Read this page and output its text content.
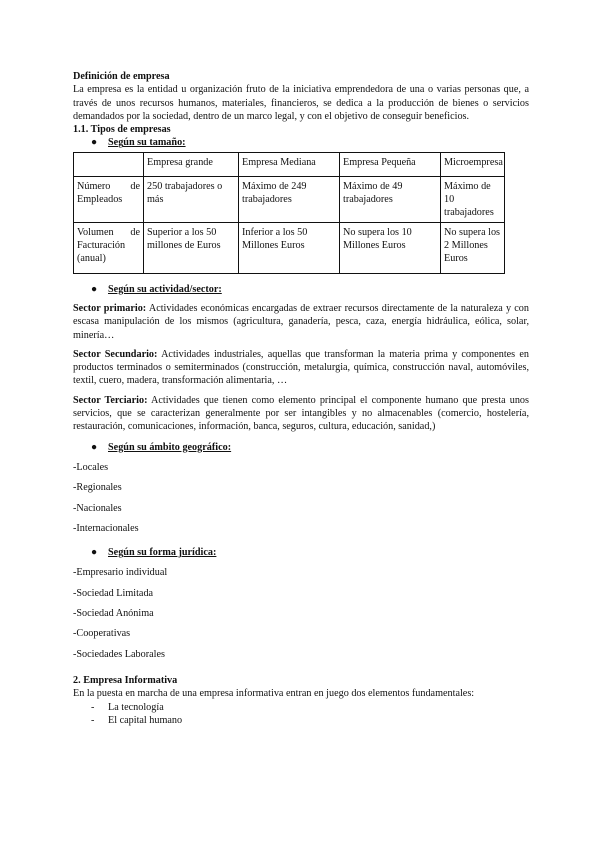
Definición de empresa

La empresa es la entidad u organización fruto de la iniciativa emprendedora de una o varias personas que, a través de unos recursos humanos, materiales, financieros, se dedica a la producción de bienes o servicios demandados por la sociedad, dentro de un marco legal, y con el objetivo de conseguir beneficios.

1.1. Tipos de empresas

● Según su tamaño:
	Empresa grande	Empresa Mediana	Empresa Pequeña	Microempresa
Número de Empleados	250 trabajadores o más	Máximo de 249 trabajadores	Máximo de 49 trabajadores	Máximo de 10 trabajadores
Volumen de Facturación (anual)	Superior a los 50 millones de Euros	Inferior a los 50 Millones Euros	No supera los 10 Millones Euros	No supera los 2 Millones Euros
● Según su actividad/sector:

Sector primario: Actividades económicas encargadas de extraer recursos directamente de la naturaleza y con escasa manipulación de los mismos (agricultura, ganadería, pesca, caza, energía hidráulica, eólica, solar, minería…

Sector Secundario: Actividades industriales, aquellas que transforman la materia prima y componentes en productos terminados o semiterminados (construcción, metalurgia, química, construcción naval, automóviles, textil, cuero, madera, transformación alimentaria, …

Sector Terciario: Actividades que tienen como elemento principal el componente humano que presta unos servicios, que se caracterizan generalmente por ser intangibles y no almacenables (comercio, hostelería, restauración, comunicaciones, información, banca, seguros, cultura, educación, sanidad,)

● Según su ámbito geográfico:

-Locales

-Regionales

-Nacionales

-Internacionales

● Según su forma jurídica:

-Empresario individual

-Sociedad Limitada

-Sociedad Anónima

-Cooperativas

-Sociedades Laborales

2. Empresa Informativa

En la puesta en marcha de una empresa informativa entran en juego dos elementos fundamentales:

- La tecnología
- El capital humano
